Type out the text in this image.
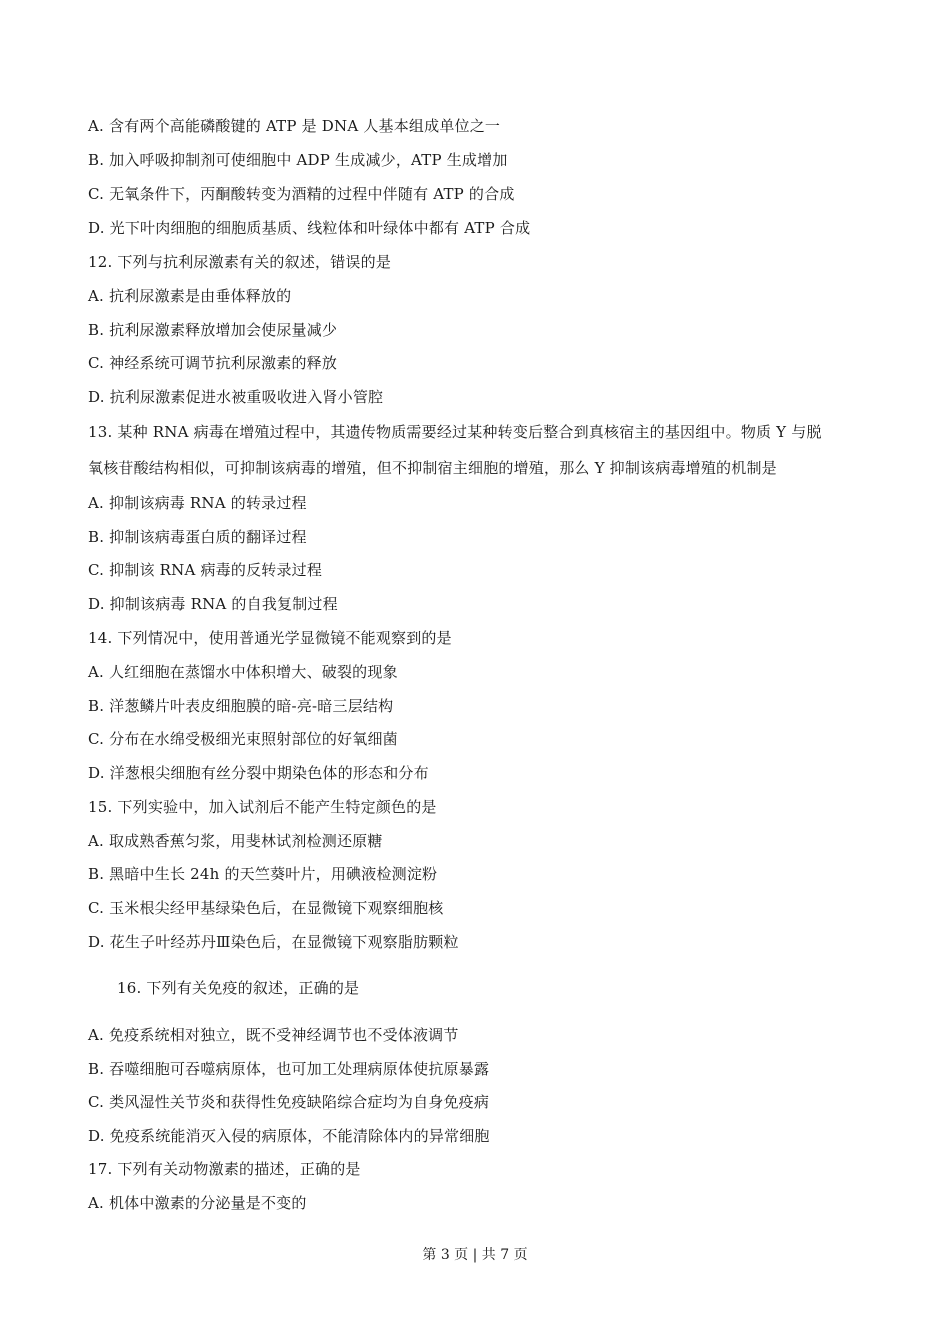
A. 含有两个高能磷酸键的 ATP 是 DNA 人基本组成单位之一
B. 加入呼吸抑制剂可使细胞中 ADP 生成减少，ATP 生成增加
C. 无氧条件下，丙酮酸转变为酒精的过程中伴随有 ATP 的合成
D. 光下叶肉细胞的细胞质基质、线粒体和叶绿体中都有 ATP 合成
12. 下列与抗利尿激素有关的叙述，错误的是
A. 抗利尿激素是由垂体释放的
B. 抗利尿激素释放增加会使尿量减少
C. 神经系统可调节抗利尿激素的释放
D. 抗利尿激素促进水被重吸收进入肾小管腔
13. 某种 RNA 病毒在增殖过程中，其遗传物质需要经过某种转变后整合到真核宿主的基因组中。物质 Y 与脱
氧核苷酸结构相似，可抑制该病毒的增殖，但不抑制宿主细胞的增殖，那么 Y 抑制该病毒增殖的机制是
A. 抑制该病毒 RNA 的转录过程
B. 抑制该病毒蛋白质的翻译过程
C. 抑制该 RNA 病毒的反转录过程
D. 抑制该病毒 RNA 的自我复制过程
14. 下列情况中，使用普通光学显微镜不能观察到的是
A. 人红细胞在蒸馏水中体积增大、破裂的现象
B. 洋葱鳞片叶表皮细胞膜的暗-亮-暗三层结构
C. 分布在水绵受极细光束照射部位的好氧细菌
D. 洋葱根尖细胞有丝分裂中期染色体的形态和分布
15. 下列实验中，加入试剂后不能产生特定颜色的是
A. 取成熟香蕉匀浆，用斐林试剂检测还原糖
B. 黑暗中生长 24h 的天竺葵叶片，用碘液检测淀粉
C. 玉米根尖经甲基绿染色后，在显微镜下观察细胞核
D. 花生子叶经苏丹Ⅲ染色后，在显微镜下观察脂肪颗粒
16. 下列有关免疫的叙述，正确的是
A. 免疫系统相对独立，既不受神经调节也不受体液调节
B. 吞噬细胞可吞噬病原体，也可加工处理病原体使抗原暴露
C. 类风湿性关节炎和获得性免疫缺陷综合症均为自身免疫病
D. 免疫系统能消灭入侵的病原体，不能清除体内的异常细胞
17. 下列有关动物激素的描述，正确的是
A. 机体中激素的分泌量是不变的
第 3 页 | 共 7 页
